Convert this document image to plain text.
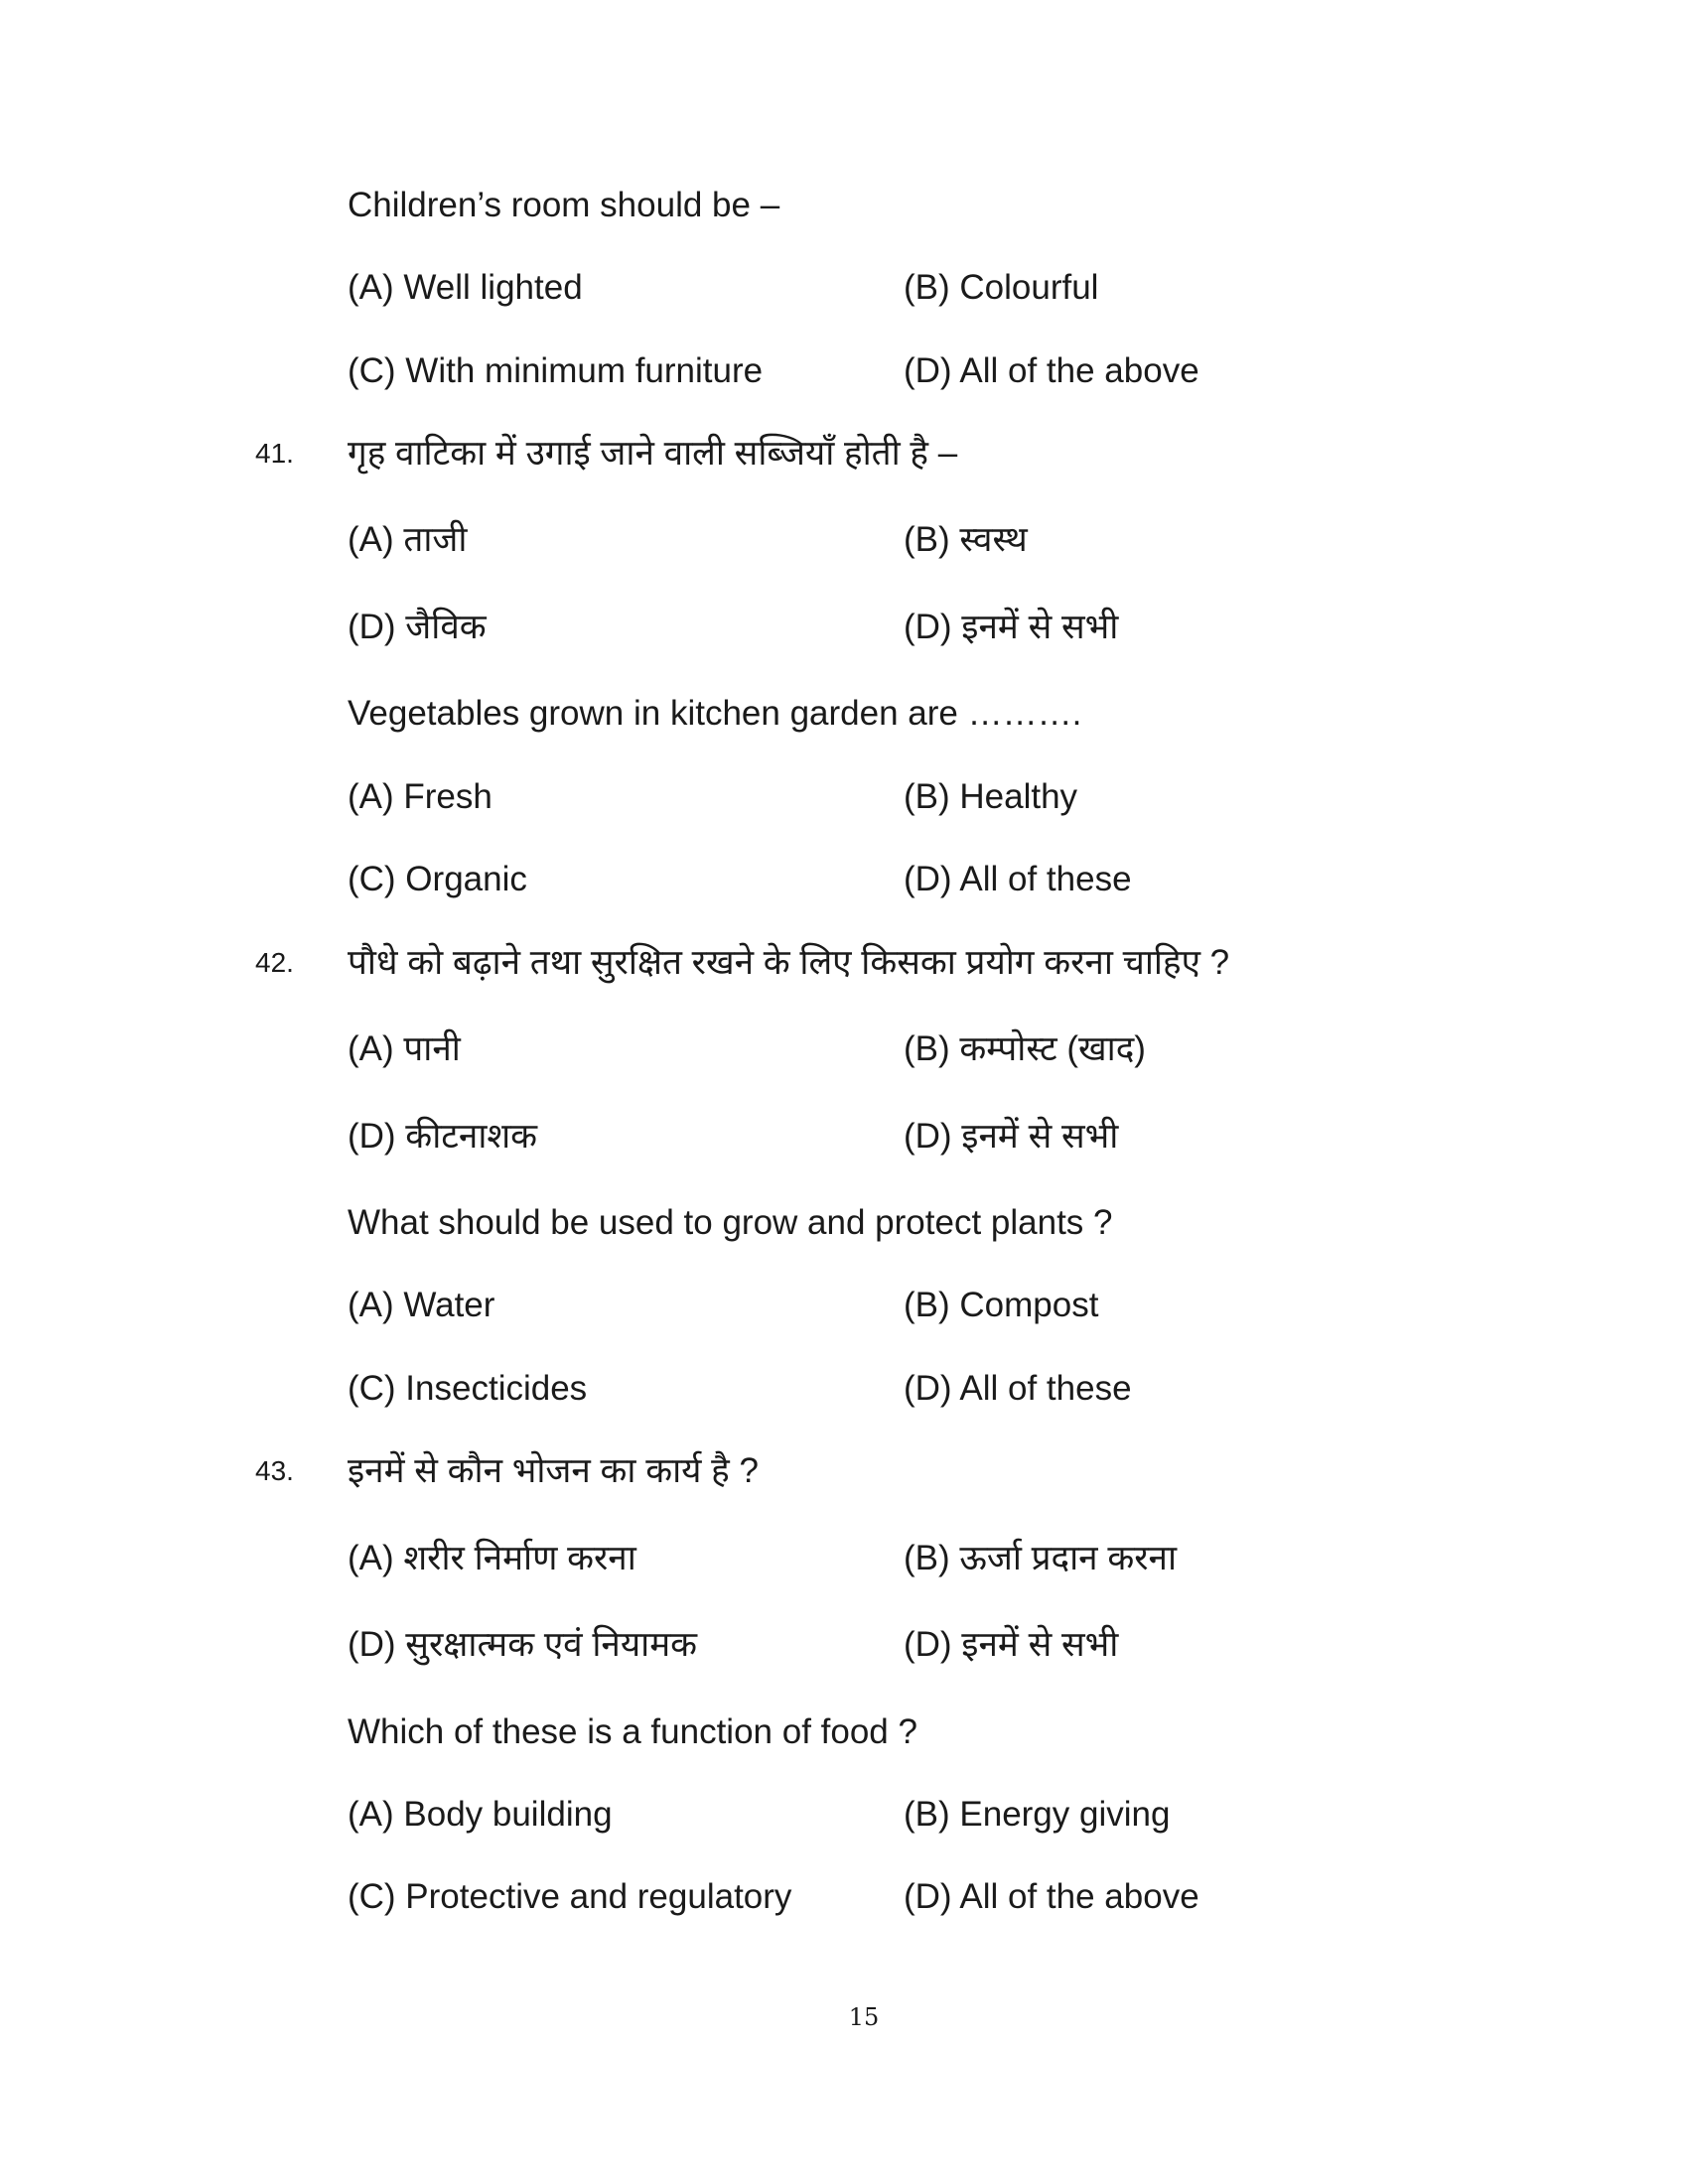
Children’s room should be –
(A) Well lighted	(B) Colourful
(C) With minimum furniture	(D) All of the above
41. गृह वाटिका में उगाई जाने वाली सब्जियाँ होती है –
(A) ताजी	(B) स्वस्थ
(D) जैविक	(D) इनमें से सभी
Vegetables grown in kitchen garden are ……….
(A) Fresh	(B) Healthy
(C) Organic	(D) All of these
42. पौधे को बढ़ाने तथा सुरक्षित रखने के लिए किसका प्रयोग करना चाहिए ?
(A) पानी	(B) कम्पोस्ट (खाद)
(D) कीटनाशक	(D) इनमें से सभी
What should be used to grow and protect plants ?
(A) Water	(B) Compost
(C) Insecticides	(D) All of these
43. इनमें से कौन भोजन का कार्य है ?
(A) शरीर निर्माण करना	(B) ऊर्जा प्रदान करना
(D) सुरक्षात्मक एवं नियामक	(D) इनमें से सभी
Which of these is a function of food ?
(A) Body building	(B) Energy giving
(C) Protective and regulatory	(D) All of the above
15
